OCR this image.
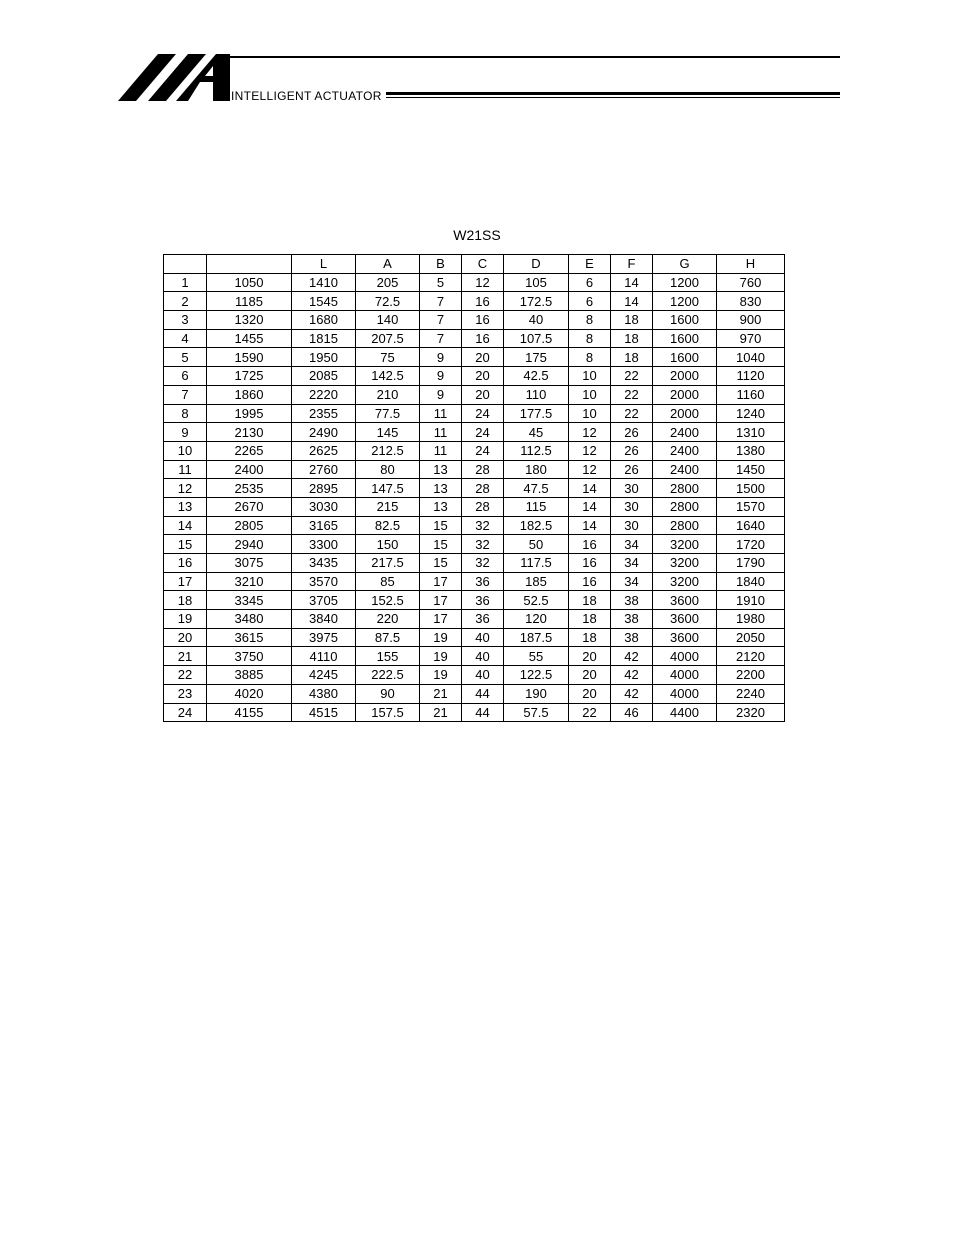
INTELLIGENT ACTUATOR
W21SS
		L	A	B	C	D	E	F	G	H
1	1050	1410	205	5	12	105	6	14	1200	760
2	1185	1545	72.5	7	16	172.5	6	14	1200	830
3	1320	1680	140	7	16	40	8	18	1600	900
4	1455	1815	207.5	7	16	107.5	8	18	1600	970
5	1590	1950	75	9	20	175	8	18	1600	1040
6	1725	2085	142.5	9	20	42.5	10	22	2000	1120
7	1860	2220	210	9	20	110	10	22	2000	1160
8	1995	2355	77.5	11	24	177.5	10	22	2000	1240
9	2130	2490	145	11	24	45	12	26	2400	1310
10	2265	2625	212.5	11	24	112.5	12	26	2400	1380
11	2400	2760	80	13	28	180	12	26	2400	1450
12	2535	2895	147.5	13	28	47.5	14	30	2800	1500
13	2670	3030	215	13	28	115	14	30	2800	1570
14	2805	3165	82.5	15	32	182.5	14	30	2800	1640
15	2940	3300	150	15	32	50	16	34	3200	1720
16	3075	3435	217.5	15	32	117.5	16	34	3200	1790
17	3210	3570	85	17	36	185	16	34	3200	1840
18	3345	3705	152.5	17	36	52.5	18	38	3600	1910
19	3480	3840	220	17	36	120	18	38	3600	1980
20	3615	3975	87.5	19	40	187.5	18	38	3600	2050
21	3750	4110	155	19	40	55	20	42	4000	2120
22	3885	4245	222.5	19	40	122.5	20	42	4000	2200
23	4020	4380	90	21	44	190	20	42	4000	2240
24	4155	4515	157.5	21	44	57.5	22	46	4400	2320
